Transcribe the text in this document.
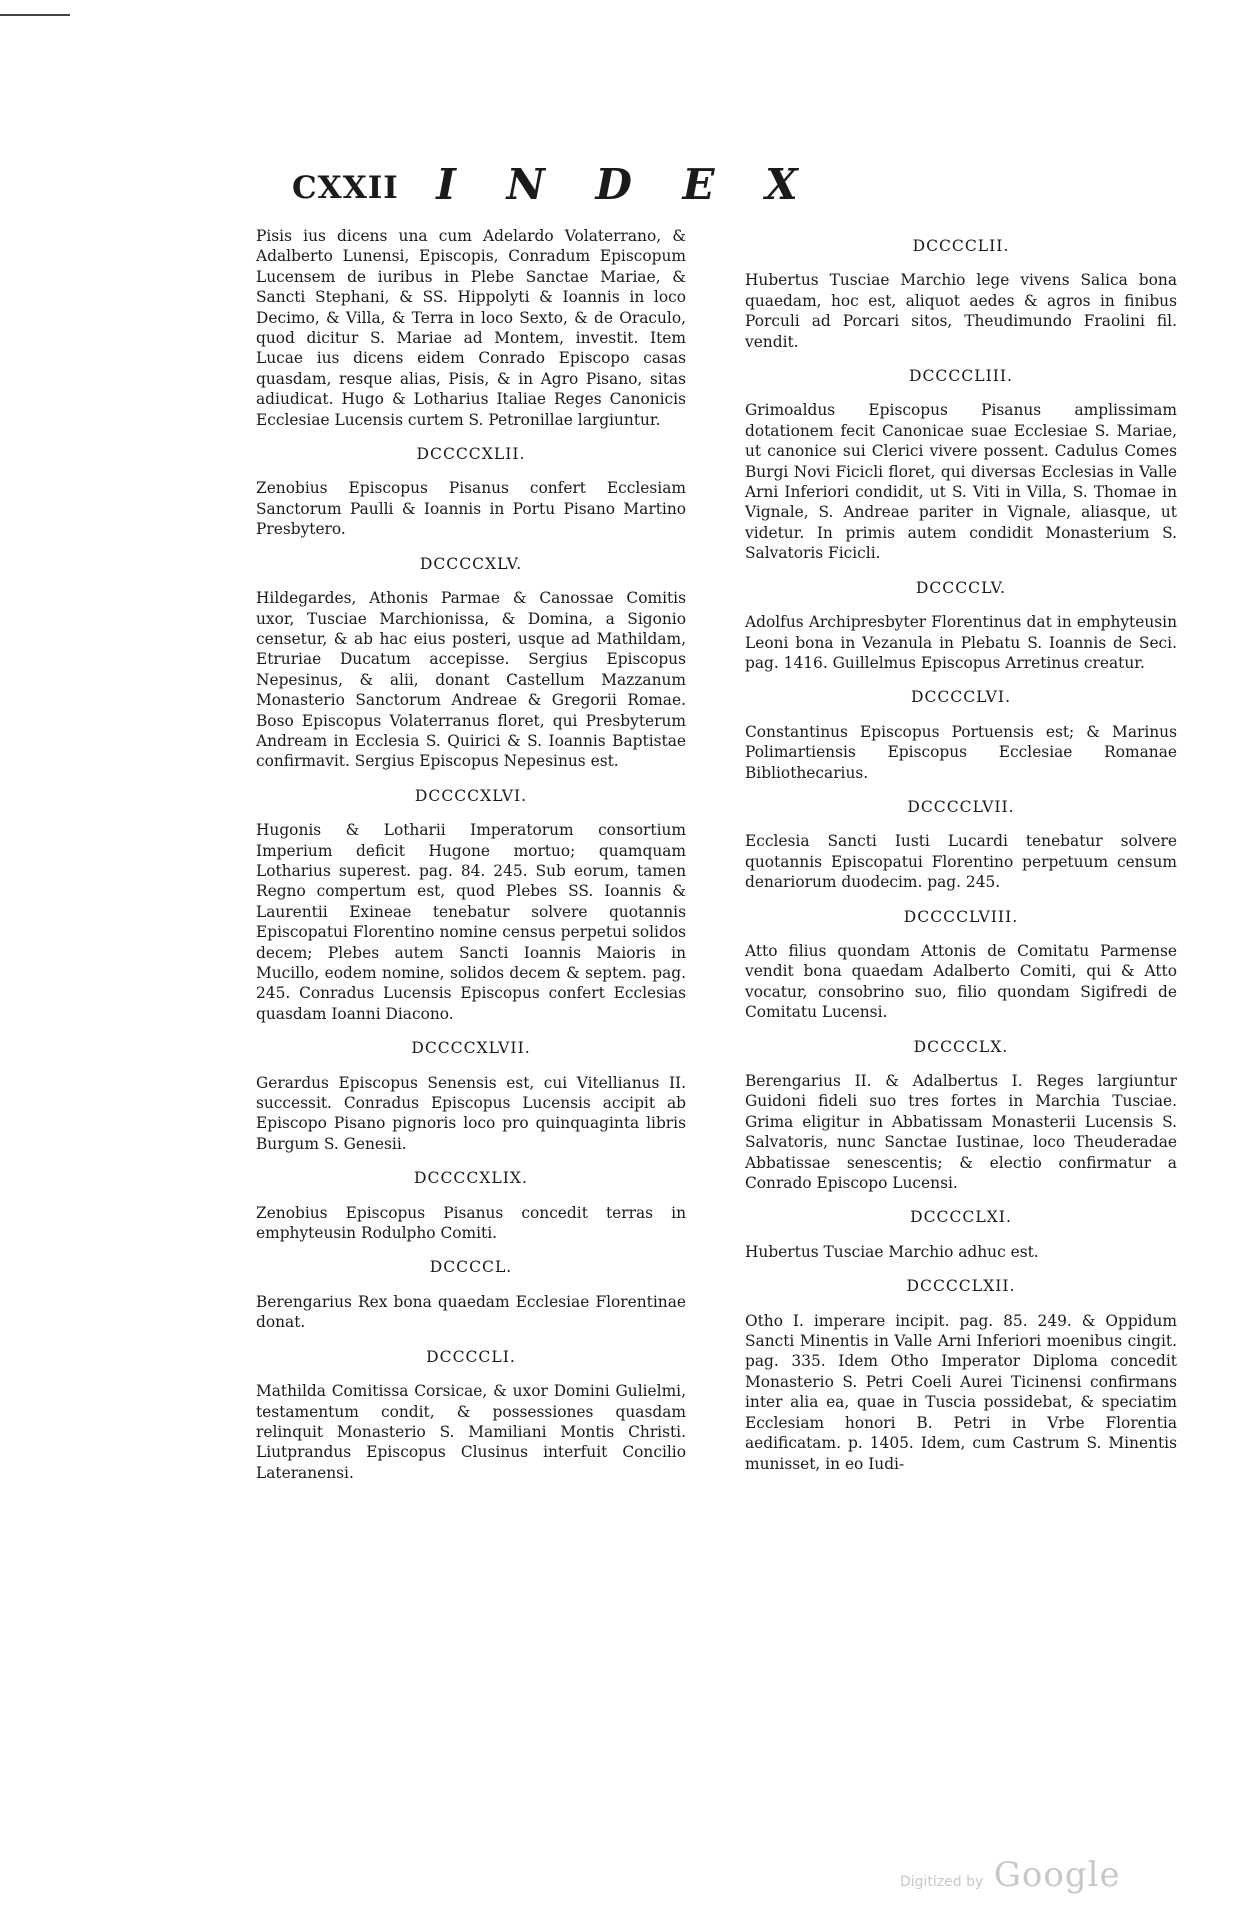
CXXII I N D E X

Pisis ius dicens una cum Adelardo Volaterrano, & Adalberto Lunensi, Episcopis, Conradum Episcopum Lucensem de iuribus in Plebe Sanctae Mariae, & Sancti Stephani, & SS. Hippolyti & Ioannis in loco Decimo, & Villa, & Terra in loco Sexto, & de Oraculo, quod dicitur S. Mariae ad Montem, investit. Item Lucae ius dicens eidem Conrado Episcopo casas quasdam, resque alias, Pisis, & in Agro Pisano, sitas adiudicat. Hugo & Lotharius Italiae Reges Canonicis Ecclesiae Lucensis curtem S. Petronillae largiuntur.

DCCCCXLII.

Zenobius Episcopus Pisanus confert Ecclesiam Sanctorum Paulli & Ioannis in Portu Pisano Martino Presbytero.

DCCCCXLV.

Hildegardes, Athonis Parmae & Canossae Comitis uxor, Tusciae Marchionissa, & Domina, a Sigonio censetur, & ab hac eius posteri, usque ad Mathildam, Etruriae Ducatum accepisse. Sergius Episcopus Nepesinus, & alii, donant Castellum Mazzanum Monasterio Sanctorum Andreae & Gregorii Romae. Boso Episcopus Volaterranus floret, qui Presbyterum Andream in Ecclesia S. Quirici & S. Ioannis Baptistae confirmavit. Sergius Episcopus Nepesinus est.

DCCCCXLVI.

Hugonis & Lotharii Imperatorum consortium Imperium deficit Hugone mortuo; quamquam Lotharius superest. pag. 84. 245. Sub eorum, tamen Regno compertum est, quod Plebes SS. Ioannis & Laurentii Exineae tenebatur solvere quotannis Episcopatui Florentino nomine census perpetui solidos decem; Plebes autem Sancti Ioannis Maioris in Mucillo, eodem nomine, solidos decem & septem. pag. 245. Conradus Lucensis Episcopus confert Ecclesias quasdam Ioanni Diacono.

DCCCCXLVII.

Gerardus Episcopus Senensis est, cui Vitellianus II. successit. Conradus Episcopus Lucensis accipit ab Episcopo Pisano pignoris loco pro quinquaginta libris Burgum S. Genesii.

DCCCCXLIX.

Zenobius Episcopus Pisanus concedit terras in emphyteusin Rodulpho Comiti.

DCCCCL.

Berengarius Rex bona quaedam Ecclesiae Florentinae donat.

DCCCCLI.

Mathilda Comitissa Corsicae, & uxor Domini Gulielmi, testamentum condit, & possessiones quasdam relinquit Monasterio S. Mamiliani Montis Christi. Liutprandus Episcopus Clusinus interfuit Concilio Lateranensi.

DCCCCLII.

Hubertus Tusciae Marchio lege vivens Salica bona quaedam, hoc est, aliquot aedes & agros in finibus Porculi ad Porcari sitos, Theudimundo Fraolini fil. vendit.

DCCCCLIII.

Grimoaldus Episcopus Pisanus amplissimam dotationem fecit Canonicae suae Ecclesiae S. Mariae, ut canonice sui Clerici vivere possent. Cadulus Comes Burgi Novi Ficicli floret, qui diversas Ecclesias in Valle Arni Inferiori condidit, ut S. Viti in Villa, S. Thomae in Vignale, S. Andreae pariter in Vignale, aliasque, ut videtur. In primis autem condidit Monasterium S. Salvatoris Ficicli.

DCCCCLV.

Adolfus Archipresbyter Florentinus dat in emphyteusin Leoni bona in Vezanula in Plebatu S. Ioannis de Seci. pag. 1416. Guillelmus Episcopus Arretinus creatur.

DCCCCLVI.

Constantinus Episcopus Portuensis est; & Marinus Polimartiensis Episcopus Ecclesiae Romanae Bibliothecarius.

DCCCCLVII.

Ecclesia Sancti Iusti Lucardi tenebatur solvere quotannis Episcopatui Florentino perpetuum censum denariorum duodecim. pag. 245.

DCCCCLVIII.

Atto filius quondam Attonis de Comitatu Parmense vendit bona quaedam Adalberto Comiti, qui & Atto vocatur, consobrino suo, filio quondam Sigifredi de Comitatu Lucensi.

DCCCCLX.

Berengarius II. & Adalbertus I. Reges largiuntur Guidoni fideli suo tres fortes in Marchia Tusciae. Grima eligitur in Abbatissam Monasterii Lucensis S. Salvatoris, nunc Sanctae Iustinae, loco Theuderadae Abbatissae senescentis; & electio confirmatur a Conrado Episcopo Lucensi.

DCCCCLXI.

Hubertus Tusciae Marchio adhuc est.

DCCCCLXII.

Otho I. imperare incipit. pag. 85. 249. & Oppidum Sancti Minentis in Valle Arni Inferiori moenibus cingit. pag. 335. Idem Otho Imperator Diploma concedit Monasterio S. Petri Coeli Aurei Ticinensi confirmans inter alia ea, quae in Tuscia possidebat, & speciatim Ecclesiam honori B. Petri in Vrbe Florentia aedificatam. p. 1405. Idem, cum Castrum S. Minentis munisset, in eo Iudi-

Digitized by Google
